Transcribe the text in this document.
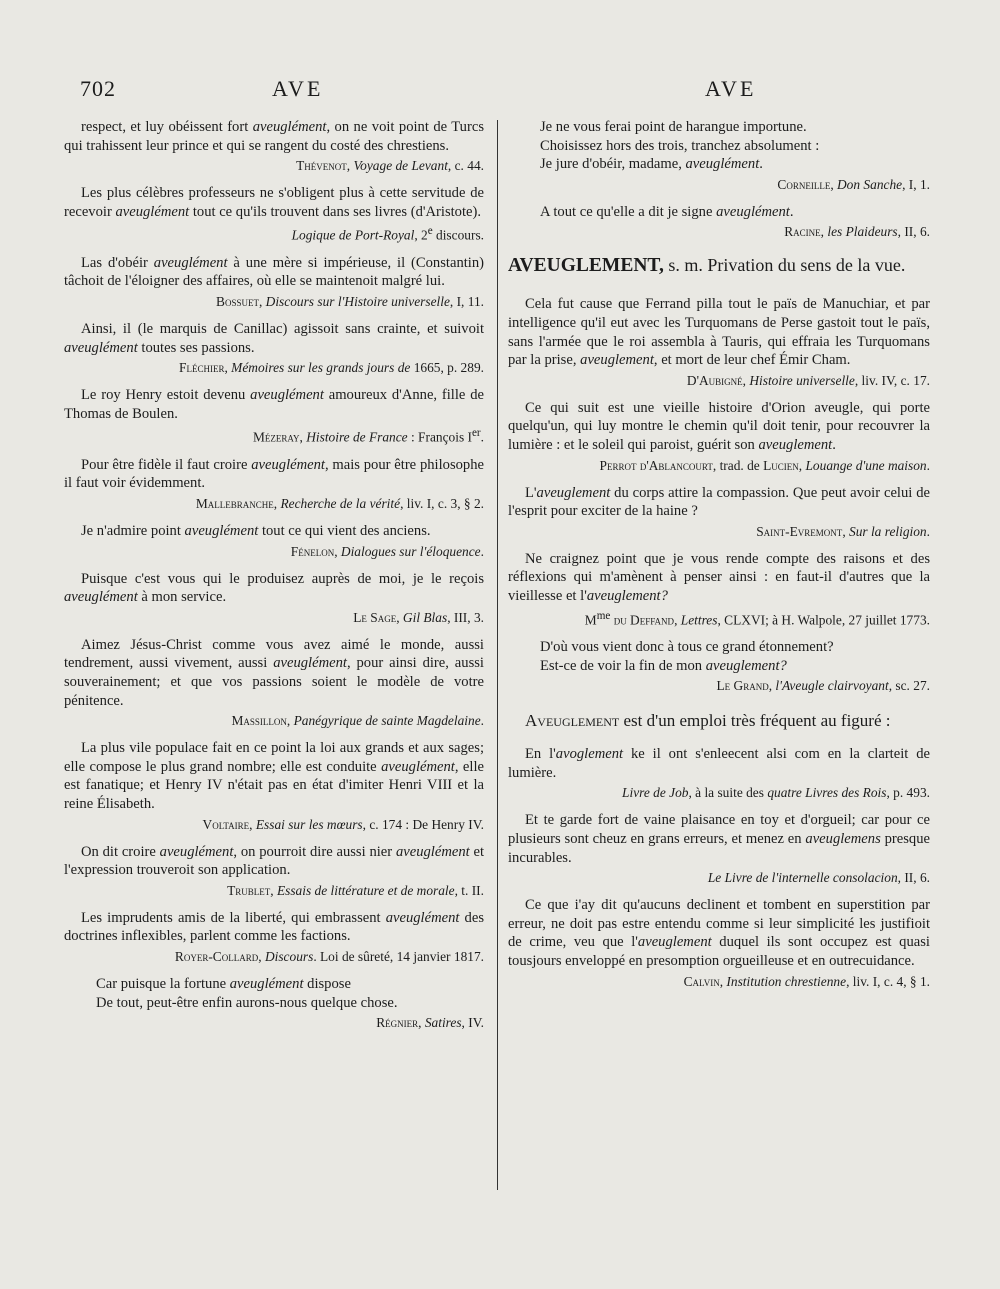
702	AVE	AVE

respect, et luy obéissent fort aveuglément, on ne voit point de Turcs qui trahissent leur prince et qui se rangent du costé des chrestiens.

Thévenot, Voyage de Levant, c. 44.

Les plus célèbres professeurs ne s'obligent plus à cette servitude de recevoir aveuglément tout ce qu'ils trouvent dans ses livres (d'Aristote).

Logique de Port-Royal, 2e discours.

Las d'obéir aveuglément à une mère si impérieuse, il (Constantin) tâchoit de l'éloigner des affaires, où elle se maintenoit malgré lui.

Bossuet, Discours sur l'Histoire universelle, I, 11.

Ainsi, il (le marquis de Canillac) agissoit sans crainte, et suivoit aveuglément toutes ses passions.

Fléchier, Mémoires sur les grands jours de 1665, p. 289.

Le roy Henry estoit devenu aveuglément amoureux d'Anne, fille de Thomas de Boulen.

Mézeray, Histoire de France : François Ier.

Pour être fidèle il faut croire aveuglément, mais pour être philosophe il faut voir évidemment.

Mallebranche, Recherche de la vérité, liv. I, c. 3, § 2.

Je n'admire point aveuglément tout ce qui vient des anciens.

Fénelon, Dialogues sur l'éloquence.

Puisque c'est vous qui le produisez auprès de moi, je le reçois aveuglément à mon service.

Le Sage, Gil Blas, III, 3.

Aimez Jésus-Christ comme vous avez aimé le monde, aussi tendrement, aussi vivement, aussi aveuglément, pour ainsi dire, aussi souverainement; et que vos passions soient le modèle de votre pénitence.

Massillon, Panégyrique de sainte Magdelaine.

La plus vile populace fait en ce point la loi aux grands et aux sages; elle compose le plus grand nombre; elle est conduite aveuglément, elle est fanatique; et Henry IV n'était pas en état d'imiter Henri VIII et la reine Élisabeth.

Voltaire, Essai sur les mœurs, c. 174 : De Henry IV.

On dit croire aveuglément, on pourroit dire aussi nier aveuglément et l'expression trouveroit son application.

Trublet, Essais de littérature et de morale, t. II.

Les imprudents amis de la liberté, qui embrassent aveuglément des doctrines inflexibles, parlent comme les factions.

Royer-Collard, Discours. Loi de sûreté, 14 janvier 1817.

Car puisque la fortune aveuglément dispose
De tout, peut-être enfin aurons-nous quelque chose.

Régnier, Satires, IV.

Je ne vous ferai point de harangue importune.
Choisissez hors des trois, tranchez absolument :
Je jure d'obéir, madame, aveuglément.

Corneille, Don Sanche, I, 1.

A tout ce qu'elle a dit je signe aveuglément.

Racine, les Plaideurs, II, 6.

AVEUGLEMENT, s. m. Privation du sens de la vue.

Cela fut cause que Ferrand pilla tout le païs de Manuchiar, et par intelligence qu'il eut avec les Turquomans de Perse gastoit tout le païs, sans l'armée que le roi assembla à Tauris, qui effraia les Turquomans par la prise, aveuglement, et mort de leur chef Émir Cham.

D'Aubigné, Histoire universelle, liv. IV, c. 17.

Ce qui suit est une vieille histoire d'Orion aveugle, qui porte quelqu'un, qui luy montre le chemin qu'il doit tenir, pour recouvrer la lumière : et le soleil qui paroist, guérit son aveuglement.

Perrot d'Ablancourt, trad. de Lucien, Louange d'une maison.

L'aveuglement du corps attire la compassion. Que peut avoir celui de l'esprit pour exciter de la haine ?

Saint-Evremont, Sur la religion.

Ne craignez point que je vous rende compte des raisons et des réflexions qui m'amènent à penser ainsi : en faut-il d'autres que la vieillesse et l'aveuglement?

$M^{me}$ du Deffand, Lettres, CLXVI; à H. Walpole, 27 juillet 1773.

D'où vous vient donc à tous ce grand étonnement?
Est-ce de voir la fin de mon aveuglement?

Le Grand, l'Aveugle clairvoyant, sc. 27.

Aveuglement est d'un emploi très fréquent au figuré :

En l'avoglement ke il ont s'enleecent alsi com en la clarteit de lumière.

Livre de Job, à la suite des quatre Livres des Rois, p. 493.

Et te garde fort de vaine plaisance en toy et d'orgueil; car pour ce plusieurs sont cheuz en grans erreurs, et menez en aveuglemens presque incurables.

Le Livre de l'internelle consolacion, II, 6.

Ce que i'ay dit qu'aucuns declinent et tombent en superstition par erreur, ne doit pas estre entendu comme si leur simplicité les justifioit de crime, veu que l'aveuglement duquel ils sont occupez est quasi tousjours enveloppé en presomption orgueilleuse et en outrecuidance.

Calvin, Institution chrestienne, liv. I, c. 4, § 1.
